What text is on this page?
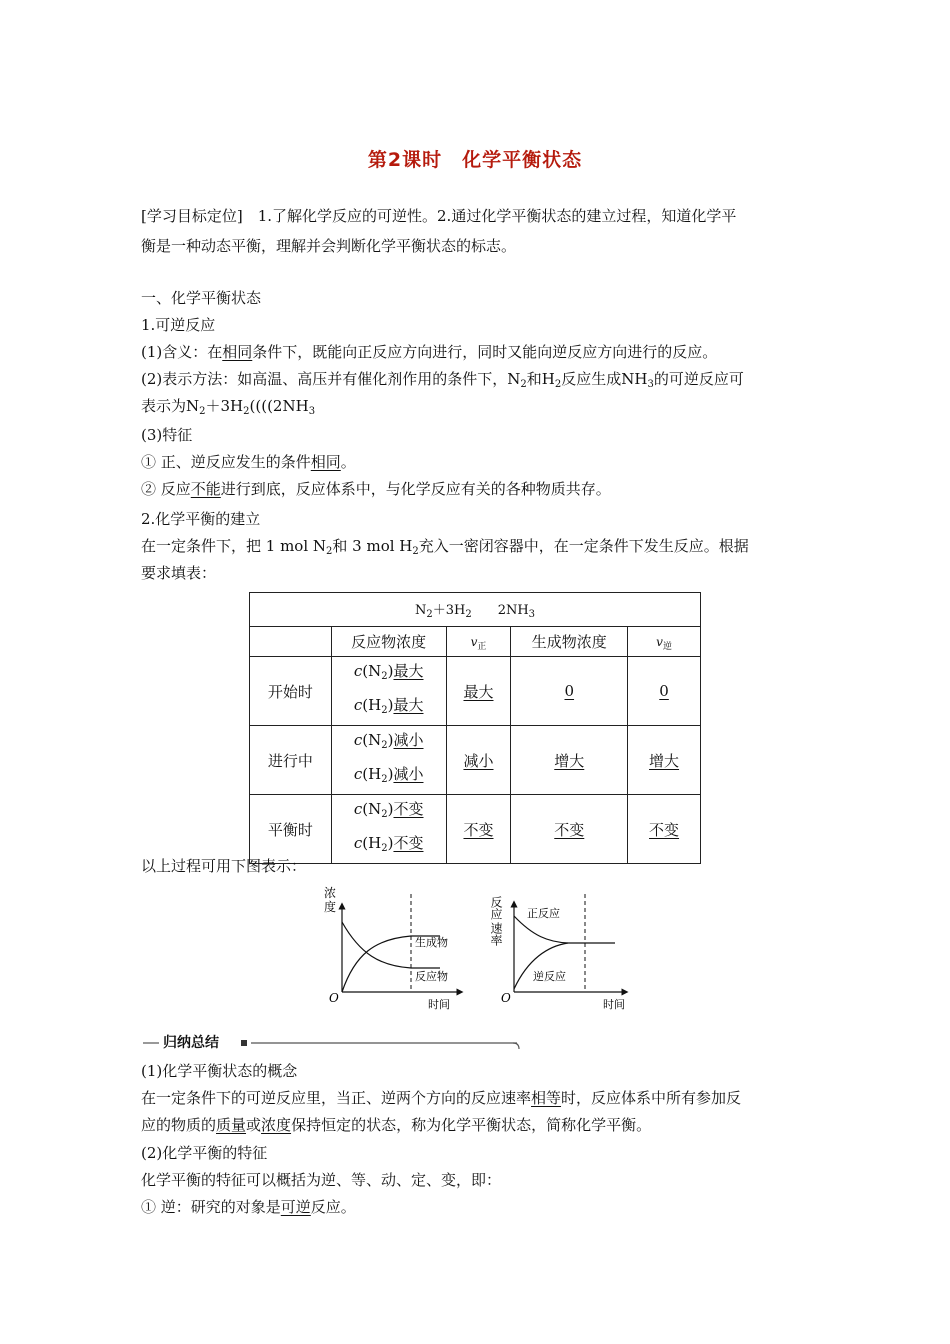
第2课时　化学平衡状态
[学习目标定位]　1.了解化学反应的可逆性。2.通过化学平衡状态的建立过程，知道化学平
衡是一种动态平衡，理解并会判断化学平衡状态的标志。
一、化学平衡状态
1.可逆反应
(1)含义：在相同条件下，既能向正反应方向进行，同时又能向逆反应方向进行的反应。
(2)表示方法：如高温、高压并有催化剂作用的条件下，$N_2$和$H_2$反应生成$NH_3$的可逆反应可
表示为$N_2+3H_2((((2NH_3$
(3)特征
① 正、逆反应发生的条件相同。
② 反应不能进行到底，反应体系中，与化学反应有关的各种物质共存。
2.化学平衡的建立
在一定条件下，把 1 mol $N_2$和 3 mol $H_2$充入一密闭容器中，在一定条件下发生反应。根据
要求填表：
$N_2+3H_2$　　$2NH_3$
	反应物浓度	$v_正$	生成物浓度	$v_逆$
开始时	$c(N_2)$最大
$c(H_2)$最大	最大	0	0
进行中	$c(N_2)$减小
$c(H_2)$减小	减小	增大	增大
平衡时	$c(N_2)$不变
$c(H_2)$不变	不变	不变	不变
以上过程可用下图表示：
浓
度
O	时间
生成物
反应物
反应
速率
O	时间
正反应
逆反应
归纳总结
(1)化学平衡状态的概念
在一定条件下的可逆反应里，当正、逆两个方向的反应速率相等时，反应体系中所有参加反
应的物质的质量或浓度保持恒定的状态，称为化学平衡状态，简称化学平衡。
(2)化学平衡的特征
化学平衡的特征可以概括为逆、等、动、定、变，即：
① 逆：研究的对象是可逆反应。
